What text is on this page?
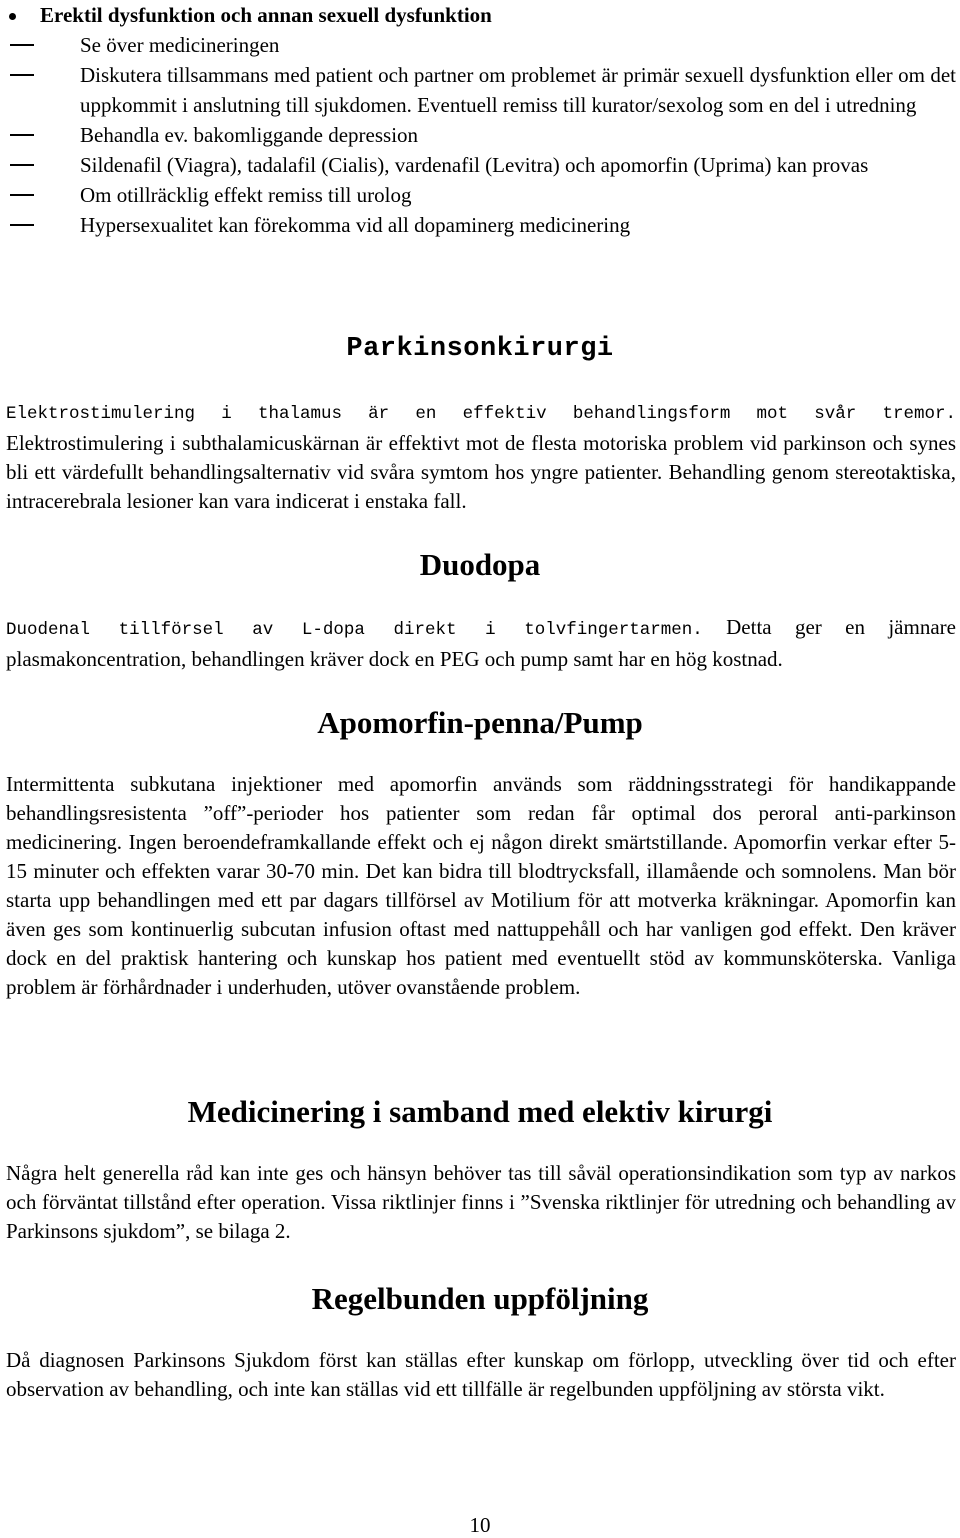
Erektil dysfunktion och annan sexuell dysfunktion
Se över medicineringen
Diskutera tillsammans med patient och partner om problemet är primär sexuell dysfunktion eller om det uppkommit i anslutning till sjukdomen. Eventuell remiss till kurator/sexolog som en del i utredning
Behandla ev. bakomliggande depression
Sildenafil (Viagra), tadalafil (Cialis), vardenafil (Levitra) och apomorfin (Uprima) kan provas
Om otillräcklig effekt remiss till urolog
Hypersexualitet kan förekomma vid all dopaminerg medicinering
Parkinsonkirurgi

Elektrostimulering i thalamus är en effektiv behandlingsform mot svår tremor. Elektrostimulering i subthalamicuskärnan är effektivt mot de flesta motoriska problem vid parkinson och synes bli ett värdefullt behandlingsalternativ vid svåra symtom hos yngre patienter. Behandling genom stereotaktiska, intracerebrala lesioner kan vara indicerat i enstaka fall.

Duodopa

Duodenal tillförsel av L-dopa direkt i tolvfingertarmen. Detta ger en jämnare plasmakoncentration, behandlingen kräver dock en PEG och pump samt har en hög kostnad.

Apomorfin-penna/Pump

Intermittenta subkutana injektioner med apomorfin används som räddningsstrategi för handikappande behandlingsresistenta ”off”-perioder hos patienter som redan får optimal dos peroral anti-parkinson medicinering. Ingen beroendeframkallande effekt och ej någon direkt smärtstillande. Apomorfin verkar efter 5-15 minuter och effekten varar 30-70 min. Det kan bidra till blodtrycksfall, illamående och somnolens. Man bör starta upp behandlingen med ett par dagars tillförsel av Motilium för att motverka kräkningar. Apomorfin kan även ges som kontinuerlig subcutan infusion oftast med nattuppehåll och har vanligen god effekt. Den kräver dock en del praktisk hantering och kunskap hos patient med eventuellt stöd av kommunsköterska. Vanliga problem är förhårdnader i underhuden, utöver ovanstående problem.

Medicinering i samband med elektiv kirurgi

Några helt generella råd kan inte ges och hänsyn behöver tas till såväl operationsindikation som typ av narkos och förväntat tillstånd efter operation. Vissa riktlinjer finns i ”Svenska riktlinjer för utredning och behandling av Parkinsons sjukdom”, se bilaga 2.

Regelbunden uppföljning

Då diagnosen Parkinsons Sjukdom först kan ställas efter kunskap om förlopp, utveckling över tid och efter observation av behandling, och inte kan ställas vid ett tillfälle är regelbunden uppföljning av största vikt.

10
